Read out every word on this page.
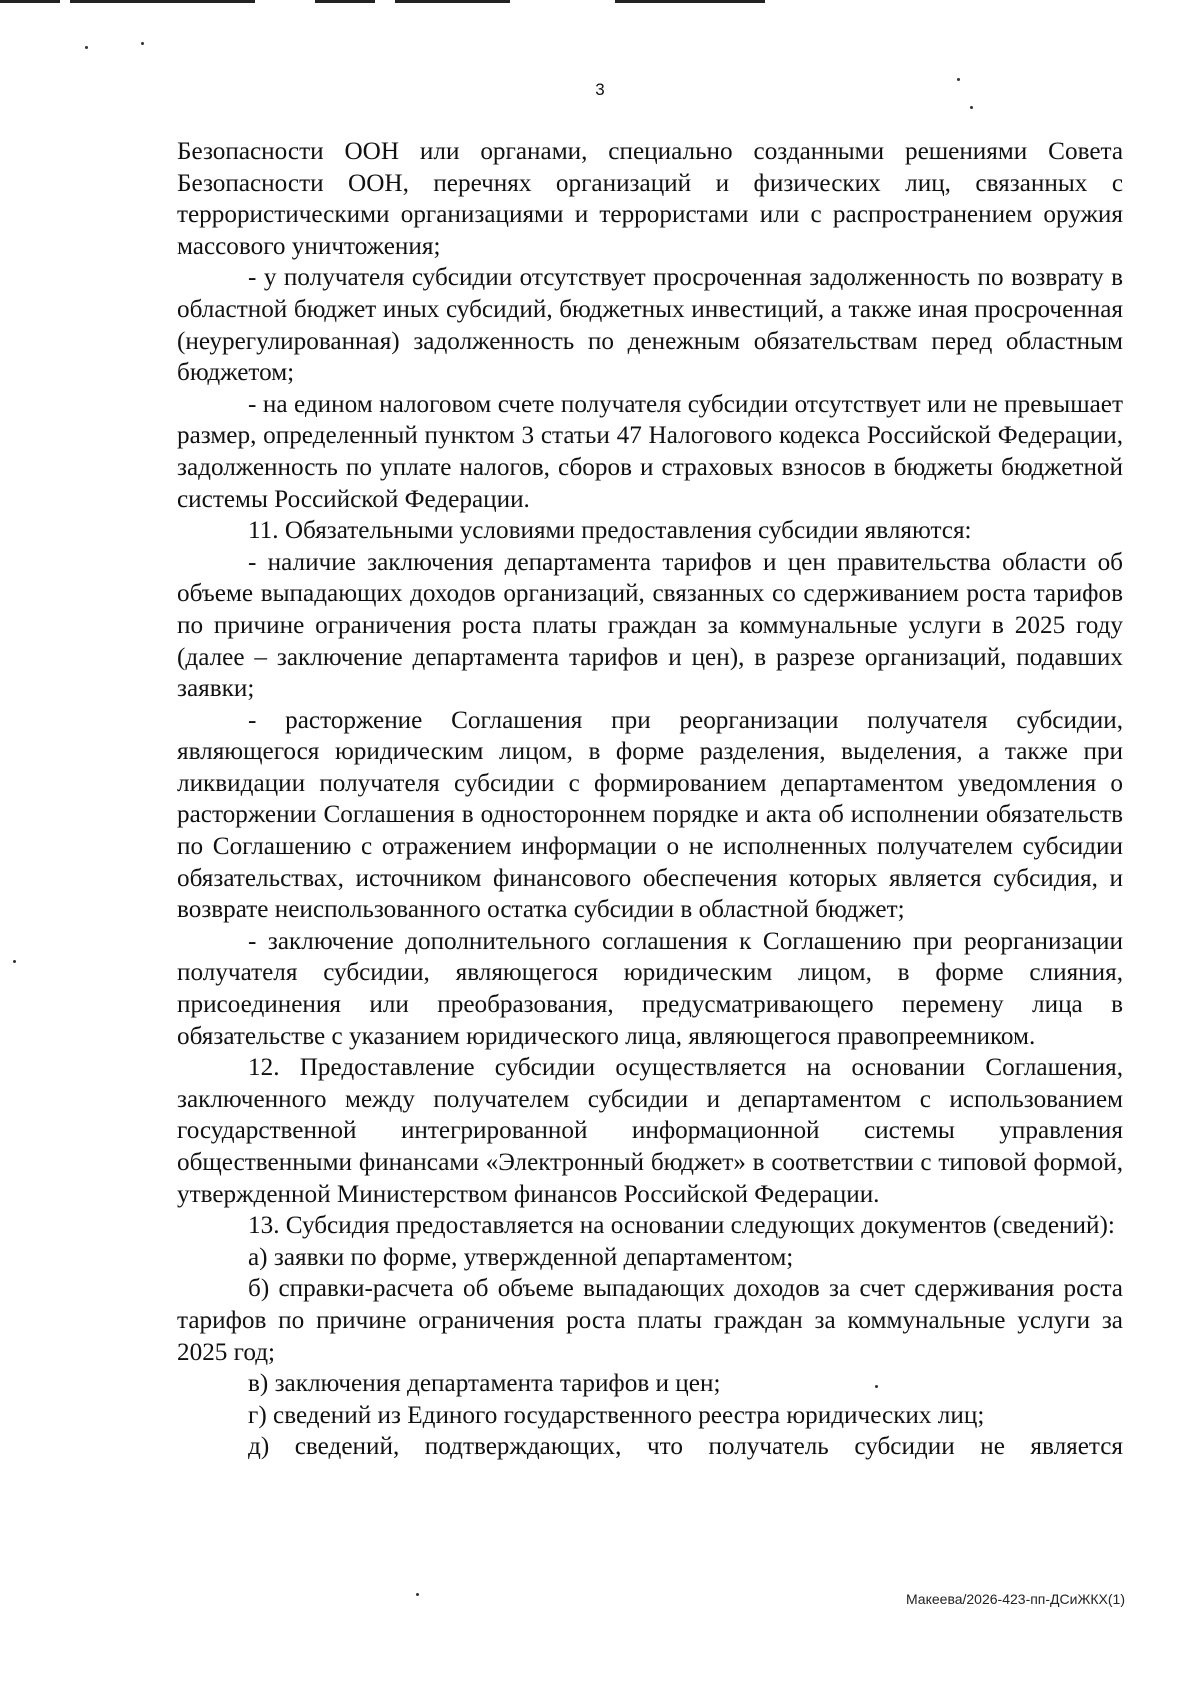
3

Безопасности ООН или органами, специально созданными решениями Совета Безопасности ООН, перечнях организаций и физических лиц, связанных с террористическими организациями и террористами или с распространением оружия массового уничтожения;

- у получателя субсидии отсутствует просроченная задолженность по возврату в областной бюджет иных субсидий, бюджетных инвестиций, а также иная просроченная (неурегулированная) задолженность по денежным обязательствам перед областным бюджетом;

- на едином налоговом счете получателя субсидии отсутствует или не превышает размер, определенный пунктом 3 статьи 47 Налогового кодекса Российской Федерации, задолженность по уплате налогов, сборов и страховых взносов в бюджеты бюджетной системы Российской Федерации.

11. Обязательными условиями предоставления субсидии являются:

- наличие заключения департамента тарифов и цен правительства области об объеме выпадающих доходов организаций, связанных со сдерживанием роста тарифов по причине ограничения роста платы граждан за коммунальные услуги в 2025 году (далее – заключение департамента тарифов и цен), в разрезе организаций, подавших заявки;

- расторжение Соглашения при реорганизации получателя субсидии, являющегося юридическим лицом, в форме разделения, выделения, а также при ликвидации получателя субсидии с формированием департаментом уведомления о расторжении Соглашения в одностороннем порядке и акта об исполнении обязательств по Соглашению с отражением информации о не исполненных получателем субсидии обязательствах, источником финансового обеспечения которых является субсидия, и возврате неиспользованного остатка субсидии в областной бюджет;

- заключение дополнительного соглашения к Соглашению при реорганизации получателя субсидии, являющегося юридическим лицом, в форме слияния, присоединения или преобразования, предусматривающего перемену лица в обязательстве с указанием юридического лица, являющегося правопреемником.

12. Предоставление субсидии осуществляется на основании Соглашения, заключенного между получателем субсидии и департаментом с использованием государственной интегрированной информационной системы управления общественными финансами «Электронный бюджет» в соответствии с типовой формой, утвержденной Министерством финансов Российской Федерации.

13. Субсидия предоставляется на основании следующих документов (сведений):

а) заявки по форме, утвержденной департаментом;

б) справки-расчета об объеме выпадающих доходов за счет сдерживания роста тарифов по причине ограничения роста платы граждан за коммунальные услуги за 2025 год;

в) заключения департамента тарифов и цен;

г) сведений из Единого государственного реестра юридических лиц;

д) сведений, подтверждающих, что получатель субсидии не является

Макеева/2026-423-пп-ДСиЖКХ(1)
